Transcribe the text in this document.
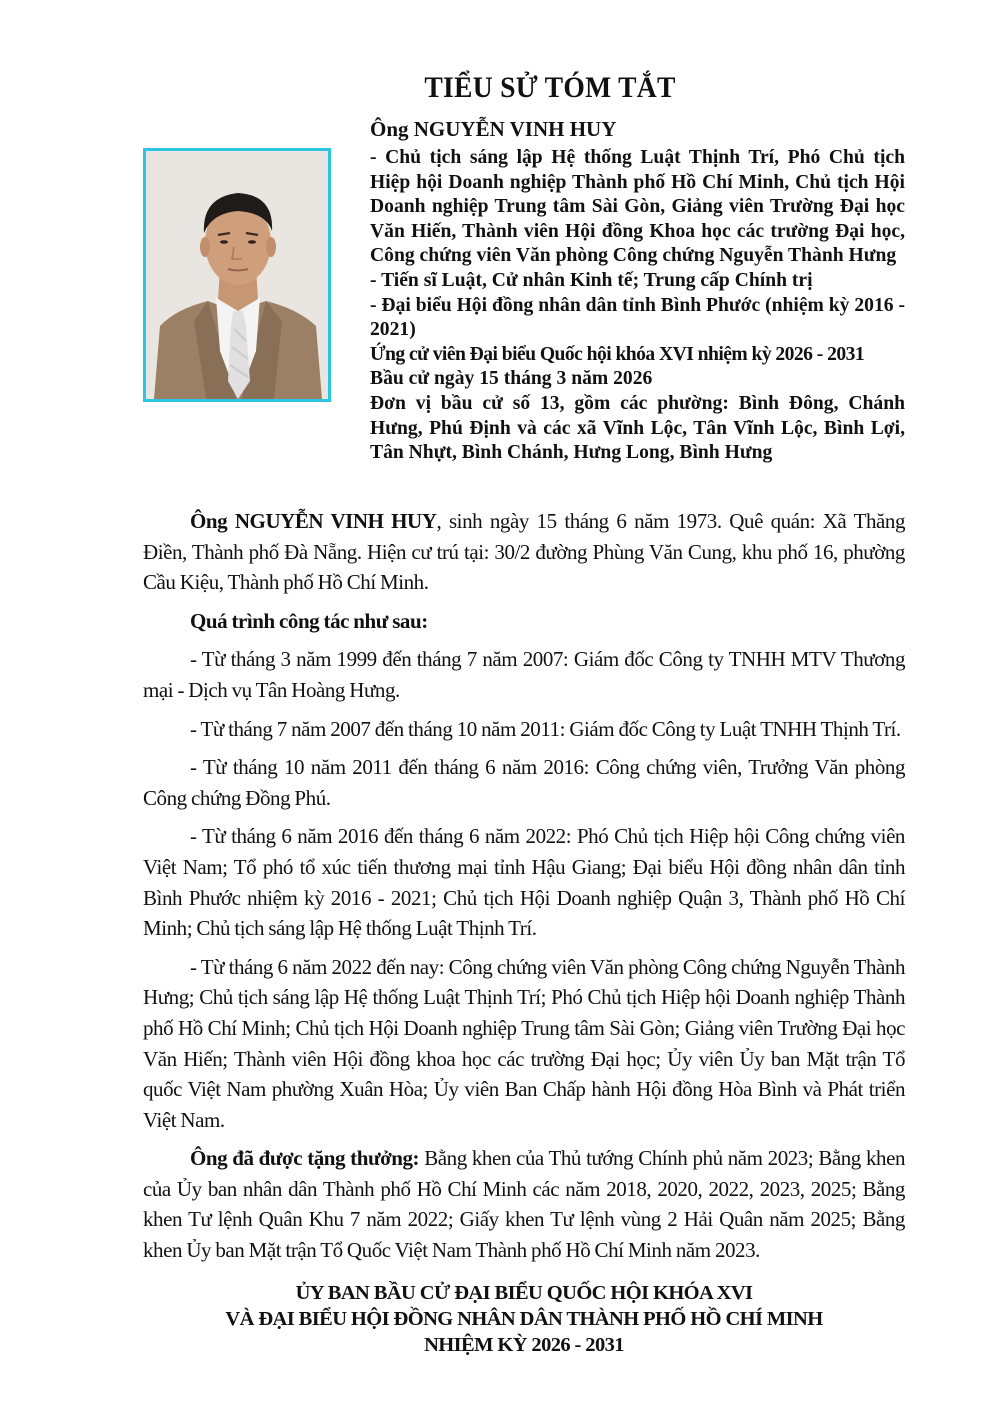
TIỂU SỬ TÓM TẮT
Ông NGUYỄN VINH HUY
- Chủ tịch sáng lập Hệ thống Luật Thịnh Trí, Phó Chủ tịch Hiệp hội Doanh nghiệp Thành phố Hồ Chí Minh, Chủ tịch Hội Doanh nghiệp Trung tâm Sài Gòn, Giảng viên Trường Đại học Văn Hiến, Thành viên Hội đồng Khoa học các trường Đại học, Công chứng viên Văn phòng Công chứng Nguyễn Thành Hưng
- Tiến sĩ Luật, Cử nhân Kinh tế; Trung cấp Chính trị
- Đại biểu Hội đồng nhân dân tỉnh Bình Phước (nhiệm kỳ 2016 - 2021)
Ứng cử viên Đại biểu Quốc hội khóa XVI nhiệm kỳ 2026 - 2031
Bầu cử ngày 15 tháng 3 năm 2026
Đơn vị bầu cử số 13, gồm các phường: Bình Đông, Chánh Hưng, Phú Định và các xã Vĩnh Lộc, Tân Vĩnh Lộc, Bình Lợi, Tân Nhựt, Bình Chánh, Hưng Long, Bình Hưng

Ông NGUYỄN VINH HUY, sinh ngày 15 tháng 6 năm 1973. Quê quán: Xã Thăng Điền, Thành phố Đà Nẵng. Hiện cư trú tại: 30/2 đường Phùng Văn Cung, khu phố 16, phường Cầu Kiệu, Thành phố Hồ Chí Minh.

Quá trình công tác như sau:

- Từ tháng 3 năm 1999 đến tháng 7 năm 2007: Giám đốc Công ty TNHH MTV Thương mại - Dịch vụ Tân Hoàng Hưng.

- Từ tháng 7 năm 2007 đến tháng 10 năm 2011: Giám đốc Công ty Luật TNHH Thịnh Trí.

- Từ tháng 10 năm 2011 đến tháng 6 năm 2016: Công chứng viên, Trưởng Văn phòng Công chứng Đồng Phú.

- Từ tháng 6 năm 2016 đến tháng 6 năm 2022: Phó Chủ tịch Hiệp hội Công chứng viên Việt Nam; Tổ phó tổ xúc tiến thương mại tỉnh Hậu Giang; Đại biểu Hội đồng nhân dân tỉnh Bình Phước nhiệm kỳ 2016 - 2021; Chủ tịch Hội Doanh nghiệp Quận 3, Thành phố Hồ Chí Minh; Chủ tịch sáng lập Hệ thống Luật Thịnh Trí.

- Từ tháng 6 năm 2022 đến nay: Công chứng viên Văn phòng Công chứng Nguyễn Thành Hưng; Chủ tịch sáng lập Hệ thống Luật Thịnh Trí; Phó Chủ tịch Hiệp hội Doanh nghiệp Thành phố Hồ Chí Minh; Chủ tịch Hội Doanh nghiệp Trung tâm Sài Gòn; Giảng viên Trường Đại học Văn Hiến; Thành viên Hội đồng khoa học các trường Đại học; Ủy viên Ủy ban Mặt trận Tổ quốc Việt Nam phường Xuân Hòa; Ủy viên Ban Chấp hành Hội đồng Hòa Bình và Phát triển Việt Nam.

Ông đã được tặng thưởng: Bằng khen của Thủ tướng Chính phủ năm 2023; Bằng khen của Ủy ban nhân dân Thành phố Hồ Chí Minh các năm 2018, 2020, 2022, 2023, 2025; Bằng khen Tư lệnh Quân Khu 7 năm 2022; Giấy khen Tư lệnh vùng 2 Hải Quân năm 2025; Bằng khen Ủy ban Mặt trận Tổ Quốc Việt Nam Thành phố Hồ Chí Minh năm 2023.

ỦY BAN BẦU CỬ ĐẠI BIỂU QUỐC HỘI KHÓA XVI
VÀ ĐẠI BIỂU HỘI ĐỒNG NHÂN DÂN THÀNH PHỐ HỒ CHÍ MINH
NHIỆM KỲ 2026 - 2031
